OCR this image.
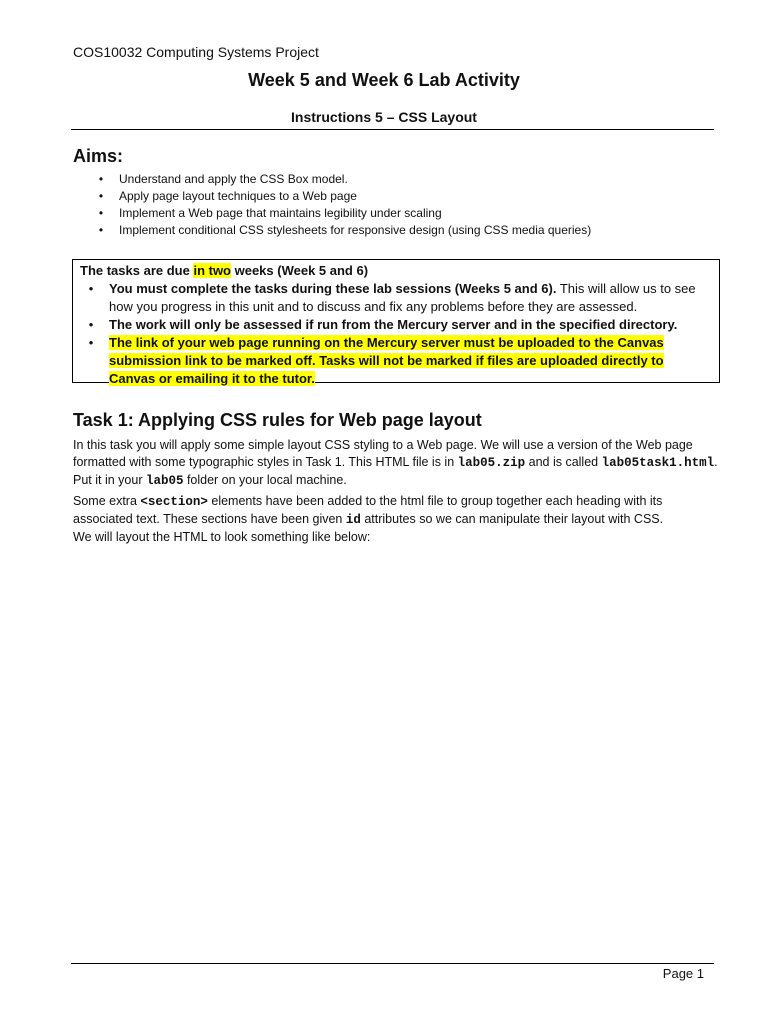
COS10032 Computing Systems Project
Week 5 and Week 6 Lab Activity
Instructions 5 – CSS Layout
Aims:
•	Understand and apply the CSS Box model.
•	Apply page layout techniques to a Web page
•	Implement a Web page that maintains legibility under scaling
•	Implement conditional CSS stylesheets for responsive design (using CSS media queries)
The tasks are due in two weeks (Week 5 and 6)
•	You must complete the tasks during these lab sessions (Weeks 5 and 6). This will allow us to see how you progress in this unit and to discuss and fix any problems before they are assessed.
•	The work will only be assessed if run from the Mercury server and in the specified directory.
•	The link of your web page running on the Mercury server must be uploaded to the Canvas submission link to be marked off. Tasks will not be marked if files are uploaded directly to Canvas or emailing it to the tutor.
Task 1: Applying CSS rules for Web page layout
In this task you will apply some simple layout CSS styling to a Web page. We will use a version of the Web page formatted with some typographic styles in Task 1. This HTML file is in lab05.zip and is called lab05task1.html. Put it in your lab05 folder on your local machine.
Some extra <section> elements have been added to the html file to group together each heading with its associated text. These sections have been given id attributes so we can manipulate their layout with CSS.
We will layout the HTML to look something like below:
Page 1
